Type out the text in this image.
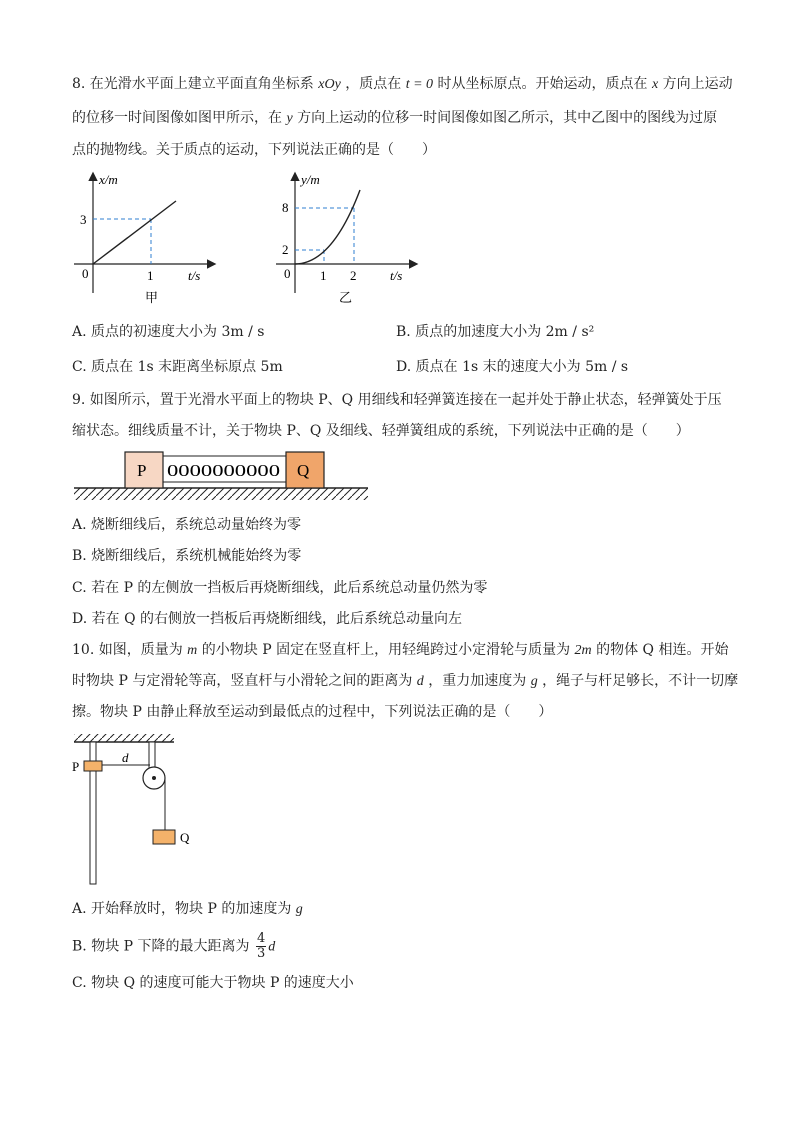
8. 在光滑水平面上建立平面直角坐标系 xOy ，质点在 t = 0 时从坐标原点。开始运动，质点在 x 方向上运动
的位移一时间图像如图甲所示，在 y 方向上运动的位移一时间图像如图乙所示，其中乙图中的图线为过原
点的抛物线。关于质点的运动，下列说法正确的是（　　）
x/m
t/s
0
3
1
甲
y/m
t/s
0
2
8
1 2
乙
A. 质点的初速度大小为 3m / s	B. 质点的加速度大小为 2m / s²
C. 质点在 1s 末距离坐标原点 5m	D. 质点在 1s 末的速度大小为 5m / s
9. 如图所示，置于光滑水平面上的物块 P、Q 用细线和轻弹簧连接在一起并处于静止状态，轻弹簧处于压
缩状态。细线质量不计，关于物块 P、Q 及细线、轻弹簧组成的系统，下列说法中正确的是（　　）
0000000000
P	Q
A. 烧断细线后，系统总动量始终为零
B. 烧断细线后，系统机械能始终为零
C. 若在 P 的左侧放一挡板后再烧断细线，此后系统总动量仍然为零
D. 若在 Q 的右侧放一挡板后再烧断细线，此后系统总动量向左
10. 如图，质量为 m 的小物块 P 固定在竖直杆上，用轻绳跨过小定滑轮与质量为 2m 的物体 Q 相连。开始
时物块 P 与定滑轮等高，竖直杆与小滑轮之间的距离为 d ，重力加速度为 g ，绳子与杆足够长，不计一切摩
擦。物块 P 由静止释放至运动到最低点的过程中，下列说法正确的是（　　）
P
d
Q
A. 开始释放时，物块 P 的加速度为 g
B. 物块 P 下降的最大距离为 $\frac{4}{3}$ d
C. 物块 Q 的速度可能大于物块 P 的速度大小
